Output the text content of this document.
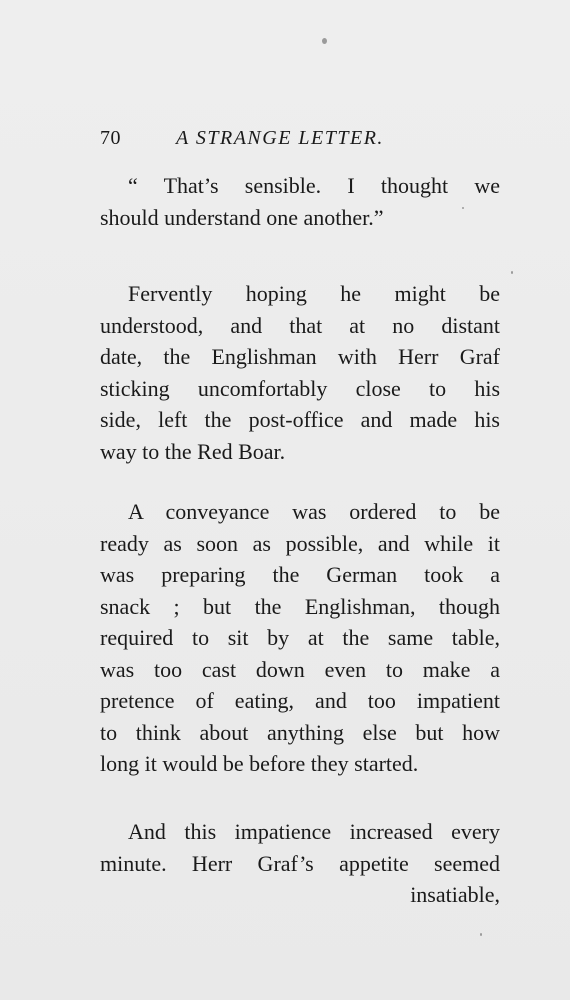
70	A STRANGE LETTER.
“ That’s sensible. I thought we
should understand one another.”
Fervently hoping he might be
understood, and that at no distant
date, the Englishman with Herr Graf
sticking uncomfortably close to his
side, left the post-office and made his
way to the Red Boar.
A conveyance was ordered to be
ready as soon as possible, and while it
was preparing the German took a
snack ; but the Englishman, though
required to sit by at the same table,
was too cast down even to make a
pretence of eating, and too impatient
to think about anything else but how
long it would be before they started.
And this impatience increased every
minute. Herr Graf’s appetite seemed
insatiable,
